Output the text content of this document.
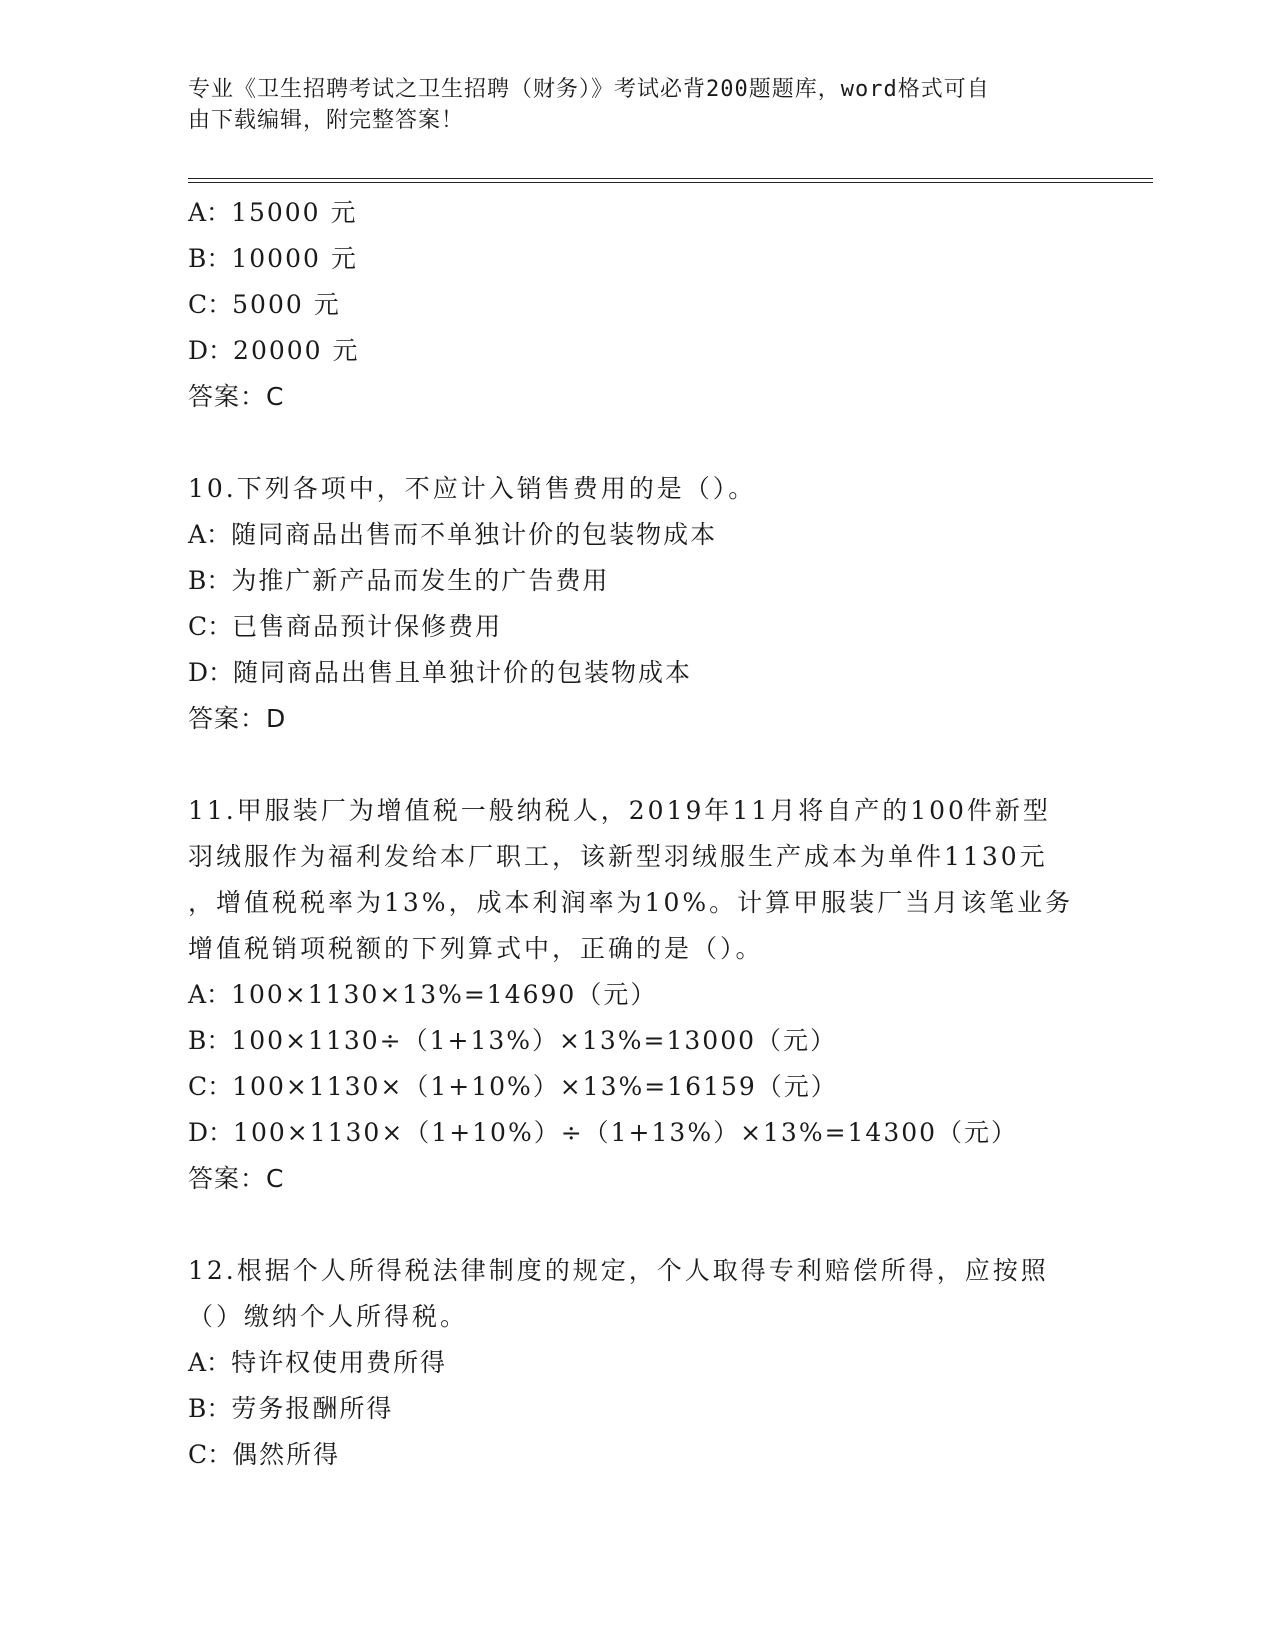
专业《卫生招聘考试之卫生招聘（财务）》考试必背200题题库，word格式可自
由下载编辑，附完整答案！
A：15000 元
B：10000 元
C：5000 元
D：20000 元
答案：C
10.下列各项中，不应计入销售费用的是（）。
A：随同商品出售而不单独计价的包装物成本
B：为推广新产品而发生的广告费用
C：已售商品预计保修费用
D：随同商品出售且单独计价的包装物成本
答案：D
11.甲服装厂为增值税一般纳税人，2019年11月将自产的100件新型
羽绒服作为福利发给本厂职工，该新型羽绒服生产成本为单件1130元
，增值税税率为13%，成本利润率为10%。计算甲服装厂当月该笔业务
增值税销项税额的下列算式中，正确的是（）。
A：100×1130×13%=14690（元）
B：100×1130÷（1+13%）×13%=13000（元）
C：100×1130×（1+10%）×13%=16159（元）
D：100×1130×（1+10%）÷（1+13%）×13%=14300（元）
答案：C
12.根据个人所得税法律制度的规定，个人取得专利赔偿所得，应按照
（）缴纳个人所得税。
A：特许权使用费所得
B：劳务报酬所得
C：偶然所得
